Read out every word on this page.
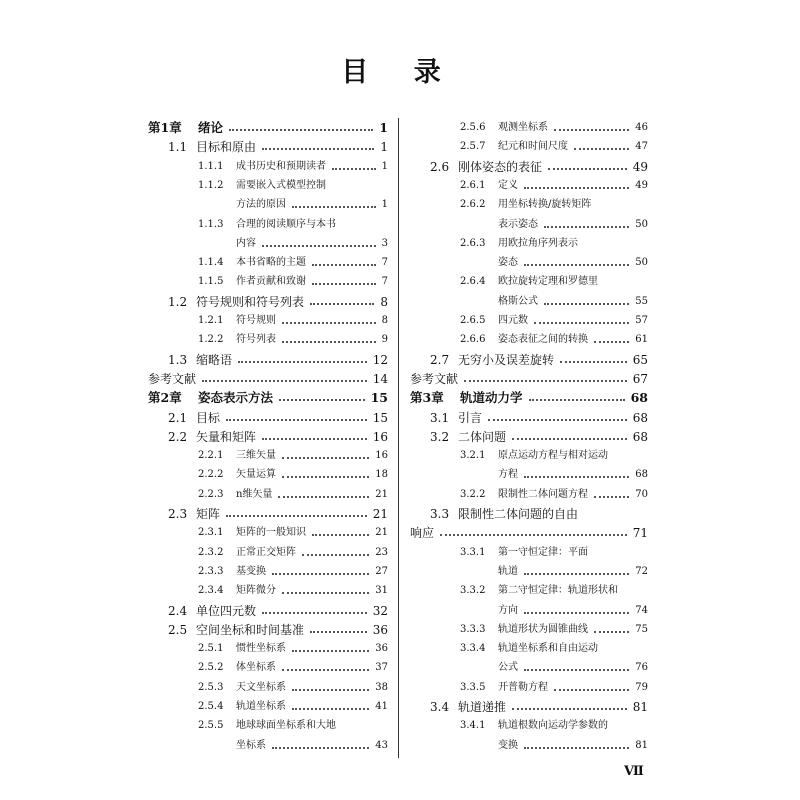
目 录
第1章 绪论	1
1.1 目标和原由	1
1.1.1 成书历史和预期读者	1
1.1.2 需要嵌入式模型控制
方法的原因	1
1.1.3 合理的阅读顺序与本书
内容	3
1.1.4 本书省略的主题	7
1.1.5 作者贡献和致谢	7
1.2 符号规则和符号列表	8
1.2.1 符号规则	8
1.2.2 符号列表	9
1.3 缩略语	12
参考文献	14
第2章 姿态表示方法	15
2.1 目标	15
2.2 矢量和矩阵	16
2.2.1 三维矢量	16
2.2.2 矢量运算	18
2.2.3 n维矢量	21
2.3 矩阵	21
2.3.1 矩阵的一般知识	21
2.3.2 正常正交矩阵	23
2.3.3 基变换	27
2.3.4 矩阵微分	31
2.4 单位四元数	32
2.5 空间坐标和时间基准	36
2.5.1 惯性坐标系	36
2.5.2 体坐标系	37
2.5.3 天文坐标系	38
2.5.4 轨道坐标系	41
2.5.5 地球球面坐标系和大地
坐标系	43
2.5.6 观测坐标系	46
2.5.7 纪元和时间尺度	47
2.6 刚体姿态的表征	49
2.6.1 定义	49
2.6.2 用坐标转换/旋转矩阵
表示姿态	50
2.6.3 用欧拉角序列表示
姿态	50
2.6.4 欧拉旋转定理和罗德里
格斯公式	55
2.6.5 四元数	57
2.6.6 姿态表征之间的转换	61
2.7 无穷小及误差旋转	65
参考文献	67
第3章 轨道动力学	68
3.1 引言	68
3.2 二体问题	68
3.2.1 原点运动方程与相对运动
方程	68
3.2.2 限制性二体问题方程	70
3.3 限制性二体问题的自由
响应	71
3.3.1 第一守恒定律：平面
轨道	72
3.3.2 第二守恒定律：轨道形状和
方向	74
3.3.3 轨道形状为圆锥曲线	75
3.3.4 轨道坐标系和自由运动
公式	76
3.3.5 开普勒方程	79
3.4 轨道递推	81
3.4.1 轨道根数向运动学参数的
变换	81
Ⅶ
